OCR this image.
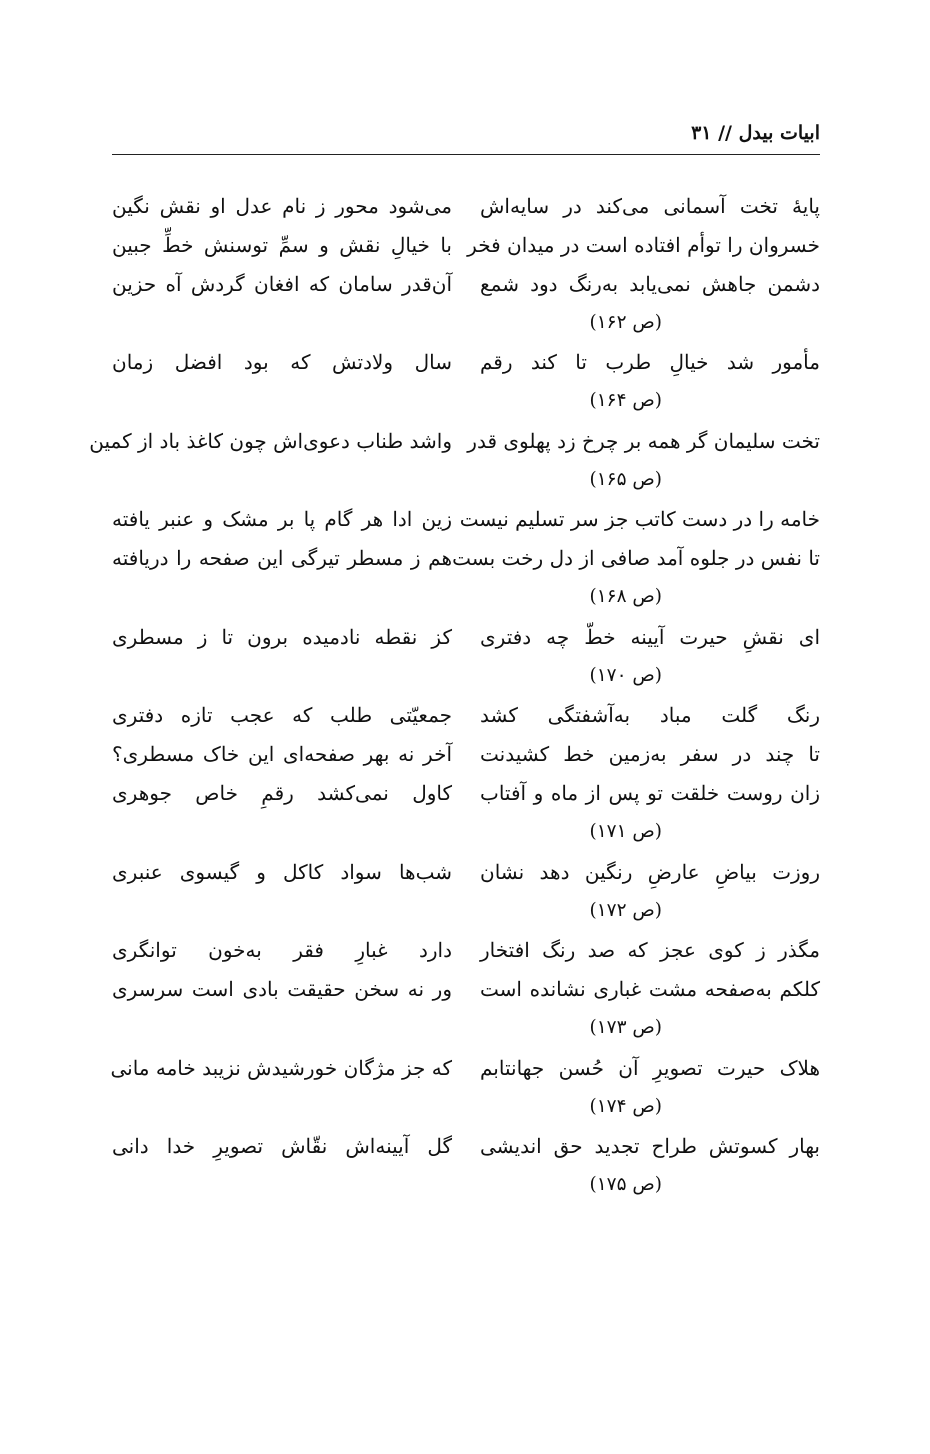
ابیات بیدل // ۳۱
پایهٔ تخت آسمانی می‌کند در سایه‌اش
می‌شود محور ز نام عدل او نقش نگین
خسروان را توأم افتاده است در میدان فخر
با خیالِ نقش و سمِّ توسنش خطِّ جبین
دشمن جاهش نمی‌یابد به‌رنگ دود شمع
آن‌قدر سامان که افغان گردش آه حزین
(ص ۱۶۲)
مأمور شد خیالِ طرب تا کند رقم
سال ولادتش که بود افضل زمان
(ص ۱۶۴)
تخت سلیمان گر همه بر چرخ زد پهلوی قدر
واشد طناب دعوی‌اش چون کاغذ باد از کمین
(ص ۱۶۵)
خامه را در دست کاتب جز سر تسلیم نیست
زین ادا هر گام پا بر مشک و عنبر یافته
تا نفس در جلوه آمد صافی از دل رخت بست
هم ز مسطر تیرگی این صفحه را دریافته
(ص ۱۶۸)
ای نقشِ حیرت آیینه خطّ چه دفتری
کز نقطه نادمیده برون تا ز مسطری
(ص ۱۷۰)
رنگ گلت مباد به‌آشفتگی کشد
جمعیّتی طلب که عجب تازه دفتری
تا چند در سفر به‌زمین خط کشیدنت
آخر نه بهر صفحه‌ای این خاک مسطری؟
زان روست خلقت تو پس از ماه و آفتاب
کاول نمی‌کشد رقمِ خاص جوهری
(ص ۱۷۱)
روزت بیاضِ عارضِ رنگین دهد نشان
شب‌ها سواد کاکل و گیسوی عنبری
(ص ۱۷۲)
مگذر ز کوی عجز که صد رنگ افتخار
دارد غبارِ فقر به‌خون توانگری
کلکم به‌صفحه مشت غباری نشانده است
ور نه سخن حقیقت بادی است سرسری
(ص ۱۷۳)
هلاک حیرت تصویرِ آن حُسن جهانتابم
که جز مژگان خورشیدش نزیبد خامه مانی
(ص ۱۷۴)
بهار کسوتش طراح تجدید حق اندیشی
گل آیینه‌اش نقّاش تصویرِ خدا دانی
(ص ۱۷۵)
